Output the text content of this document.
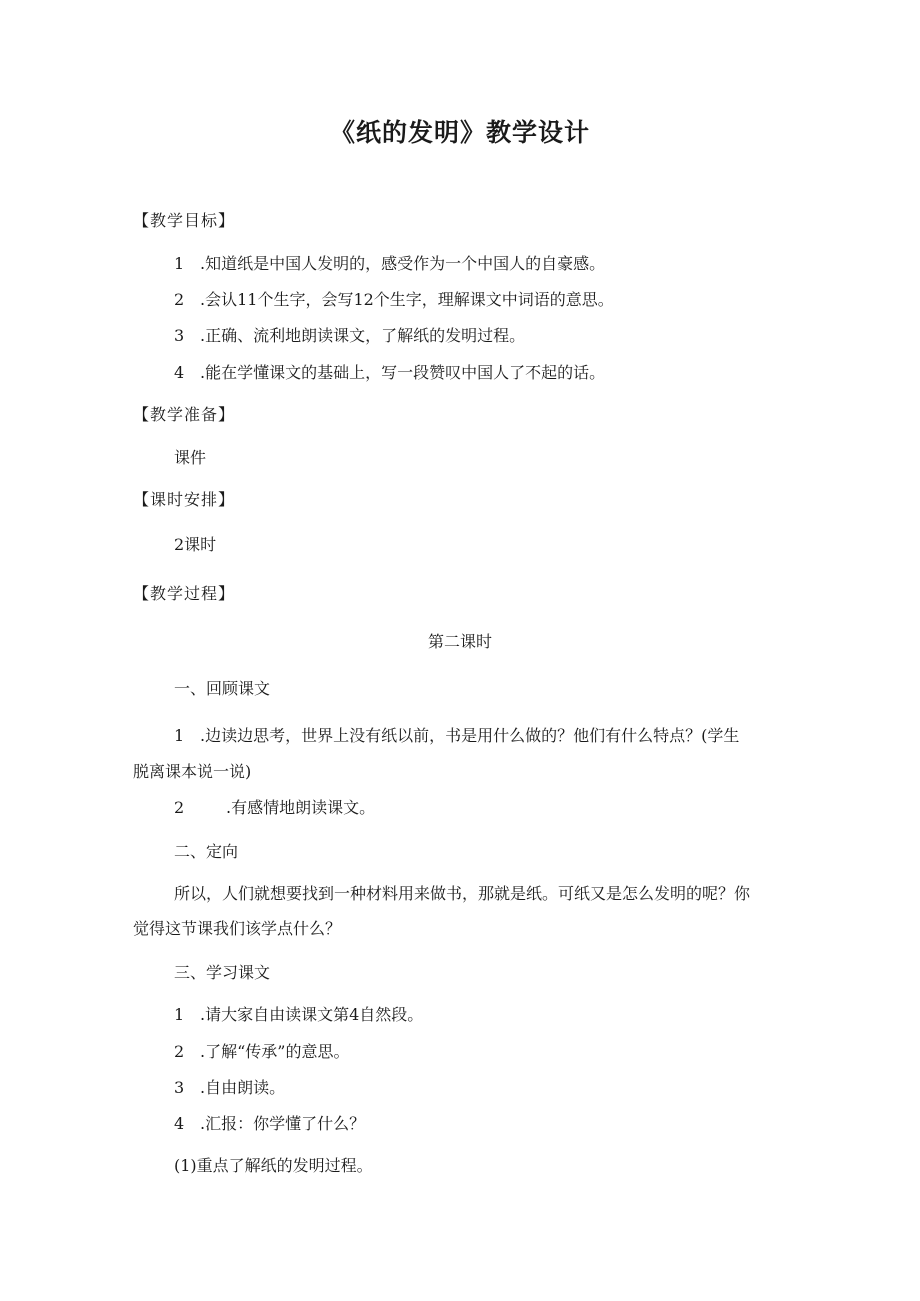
《纸的发明》教学设计
【教学目标】
1 .知道纸是中国人发明的，感受作为一个中国人的自豪感。
2 .会认11个生字，会写12个生字，理解课文中词语的意思。
3 .正确、流利地朗读课文，了解纸的发明过程。
4 .能在学懂课文的基础上，写一段赞叹中国人了不起的话。
【教学准备】
课件
【课时安排】
2课时
【教学过程】
第二课时
一、回顾课文
1 .边读边思考，世界上没有纸以前，书是用什么做的？他们有什么特点？(学生
脱离课本说一说)
2	.有感情地朗读课文。
二、定向
所以，人们就想要找到一种材料用来做书，那就是纸。可纸又是怎么发明的呢？你
觉得这节课我们该学点什么？
三、学习课文
1 .请大家自由读课文第4自然段。
2 .了解“传承”的意思。
3 .自由朗读。
4 .汇报：你学懂了什么？
(1)重点了解纸的发明过程。
